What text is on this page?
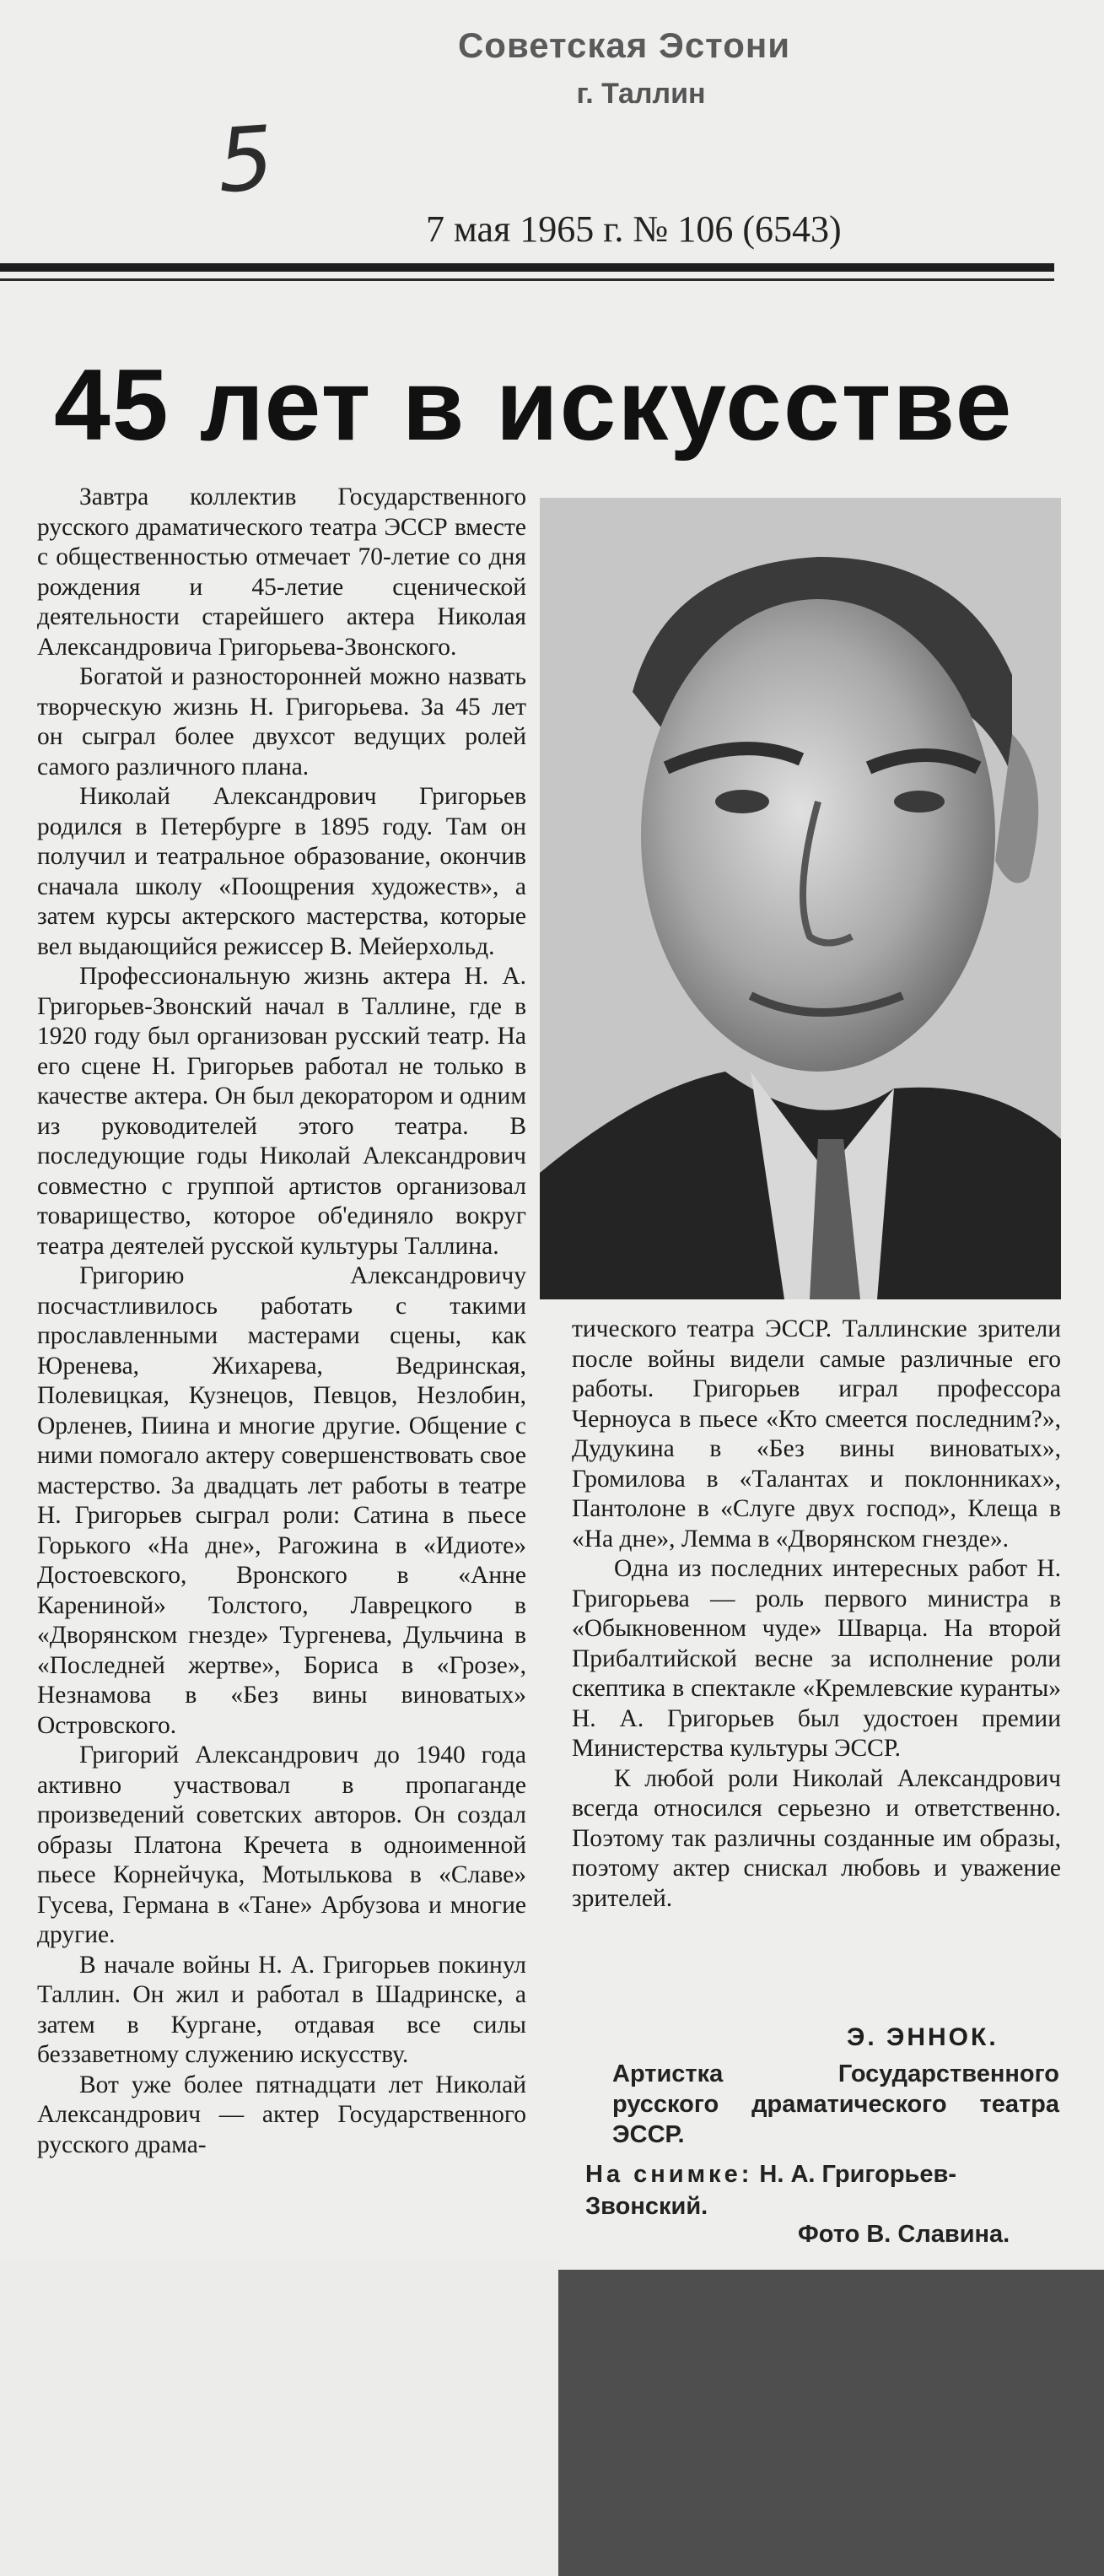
Советская Эстони
г. Таллин
5
7 мая 1965 г. № 106 (6543)
45 лет в искусстве

Завтра коллектив Государственного русского драматического театра ЭССР вместе с общественностью отмечает 70-летие со дня рождения и 45-летие сценической деятельности старейшего актера Николая Александровича Григорьева-Звонского.

Богатой и разносторонней можно назвать творческую жизнь Н. Григорьева. За 45 лет он сыграл более двухсот ведущих ролей самого различного плана.

Николай Александрович Григорьев родился в Петербурге в 1895 году. Там он получил и театральное образование, окончив сначала школу «Поощрения художеств», а затем курсы актерского мастерства, которые вел выдающийся режиссер В. Мейерхольд.

Профессиональную жизнь актера Н. А. Григорьев-Звонский начал в Таллине, где в 1920 году был организован русский театр. На его сцене Н. Григорьев работал не только в качестве актера. Он был декоратором и одним из руководителей этого театра. В последующие годы Николай Александрович совместно с группой артистов организовал товарищество, которое об'единяло вокруг театра деятелей русской культуры Таллина.

Григорию Александровичу посчастливилось работать с такими прославленными мастерами сцены, как Юренева, Жихарева, Ведринская, Полевицкая, Кузнецов, Певцов, Незлобин, Орленев, Пиина и многие другие. Общение с ними помогало актеру совершенствовать свое мастерство. За двадцать лет работы в театре Н. Григорьев сыграл роли: Сатина в пьесе Горького «На дне», Рагожина в «Идиоте» Достоевского, Вронского в «Анне Карениной» Толстого, Лаврецкого в «Дворянском гнезде» Тургенева, Дульчина в «Последней жертве», Бориса в «Грозе», Незнамова в «Без вины виноватых» Островского.

Григорий Александрович до 1940 года активно участвовал в пропаганде произведений советских авторов. Он создал образы Платона Кречета в одноименной пьесе Корнейчука, Мотылькова в «Славе» Гусева, Германа в «Тане» Арбузова и многие другие.

В начале войны Н. А. Григорьев покинул Таллин. Он жил и работал в Шадринске, а затем в Кургане, отдавая все силы беззаветному служению искусству.

Вот уже более пятнадцати лет Николай Александрович — актер Государственного русского драма-

тического театра ЭССР. Таллинские зрители после войны видели самые различные его работы. Григорьев играл профессора Черноуса в пьесе «Кто смеется последним?», Дудукина в «Без вины виноватых», Громилова в «Талантах и поклонниках», Пантолоне в «Слуге двух господ», Клеща в «На дне», Лемма в «Дворянском гнезде».

Одна из последних интересных работ Н. Григорьева — роль первого министра в «Обыкновенном чуде» Шварца. На второй Прибалтийской весне за исполнение роли скептика в спектакле «Кремлевские куранты» Н. А. Григорьев был удостоен премии Министерства культуры ЭССР.

К любой роли Николай Александрович всегда относился серьезно и ответственно. Поэтому так различны созданные им образы, поэтому актер снискал любовь и уважение зрителей.

Э. ЭННОК.
Артистка Государственного русского драматического театра ЭССР.
На снимке: Н. А. Григорьев-Звонский.
Фото В. Славина.
